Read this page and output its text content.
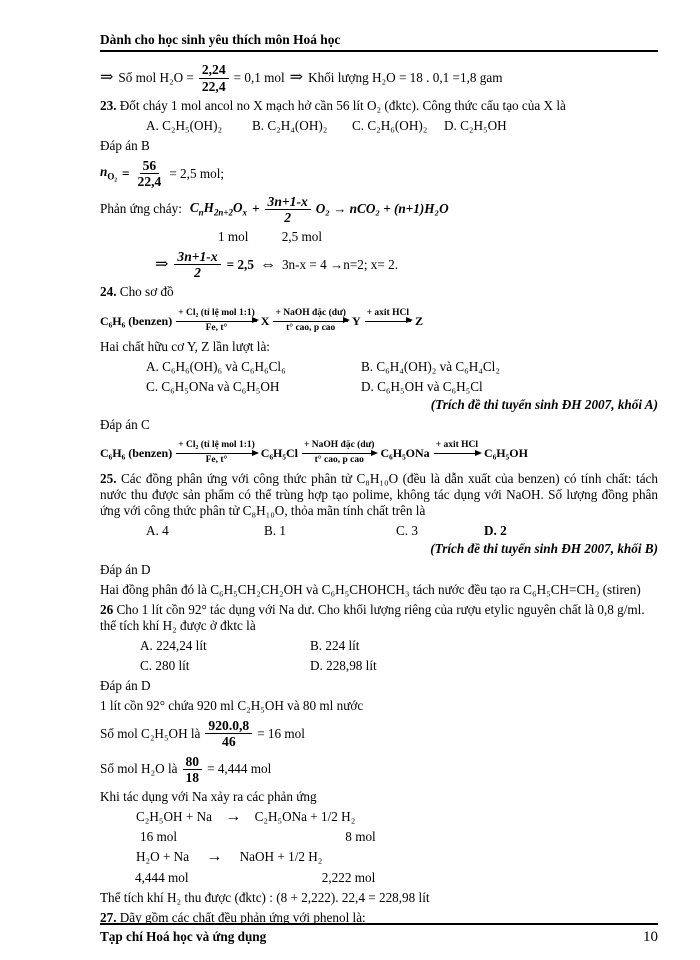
Dành cho học sinh yêu thích môn Hoá học
⇒ Số mol $H_2O = \frac{2,24}{22,4} = 0,1$ mol ⇒ Khối lượng H₂O = 18 . 0,1 =1,8 gam

23. Đốt cháy 1 mol ancol no X mạch hở cần 56 lít O₂ (đktc). Công thức cấu tạo của X là

A. C₂H₅(OH)₂	B. C₂H₄(OH)₂	C. C₂H₆(OH)₂	D. C₂H₅OH

Đáp án B

$n_{O_2} = \frac{56}{22,4} = 2,5$ mol;
Phản ứng cháy: $C_nH_{2n+2}O_x + \frac{3n+1-x}{2} O_2 \to nCO_2 + (n+1)H_2O$
1 mol	2,5 mol
⇒ $\frac{3n+1-x}{2} = 2,5$ ⇔ 3n-x = 4 →n=2; x= 2.

24. Cho sơ đồ

C₆H₆ (benzen)
+ Cl₂ (tỉ lệ mol 1:1)
Fe, t°	X
+ NaOH đặc (dư)
t° cao, p cao Y
+ axit HCl
Z

Hai chất hữu cơ Y, Z lần lượt là:

A. C₆H₆(OH)₆ và C₆H₆Cl₆	B. C₆H₄(OH)₂ và C₆H₄Cl₂
C. C₆H₅ONa và C₆H₅OH	D. C₆H₅OH và C₆H₅Cl

(Trích đề thi tuyển sinh ĐH 2007, khối A)

Đáp án C

C₆H₆ (benzen)
+ Cl₂ (tỉ lệ mol 1:1)
Fe, t°	C₆H₅Cl
+ NaOH đặc (dư)
t° cao, p cao C₆H₅ONa
+ axit HCl
C₆H₅OH

25. Các đồng phân ứng với công thức phân tử C₈H₁₀O (đều là dẫn xuất của benzen) có tính chất: tách nước thu được sản phẩm có thể trùng hợp tạo polime, không tác dụng với NaOH. Số lượng đồng phân ứng với công thức phân tử C₈H₁₀O, thỏa mãn tính chất trên là

A. 4	B. 1	C. 3	D. 2

(Trích đề thi tuyển sinh ĐH 2007, khối B)

Đáp án D

Hai đồng phân đó là C₆H₅CH₂CH₂OH và C₆H₅CHOHCH₃ tách nước đều tạo ra C₆H₅CH=CH₂ (stiren)

26 Cho 1 lít cồn 92° tác dụng với Na dư. Cho khối lượng riêng của rượu etylic nguyên chất là 0,8 g/ml. thể tích khí H₂ được ở đktc là

A. 224,24 lít	B. 224 lít
C. 280 lít	D. 228,98 lít

Đáp án D

1 lít cồn 92° chứa 920 ml C₂H₅OH và 80 ml nước

Số mol C₂H₅OH là $\frac{920.0,8}{46} = 16$ mol
Số mol H₂O là $\frac{80}{18} = 4,444$ mol

Khi tác dụng với Na xảy ra các phản ứng

C₂H₅OH + Na → C₂H₅ONa + 1/2 H₂
16 mol	8 mol
H₂O + Na → NaOH + 1/2 H₂
4,444 mol	2,222 mol

Thể tích khí H₂ thu được (đktc) : (8 + 2,222). 22,4 = 228,98 lít

27. Dãy gồm các chất đều phản ứng với phenol là:

Tạp chí Hoá học và ứng dụng	10
